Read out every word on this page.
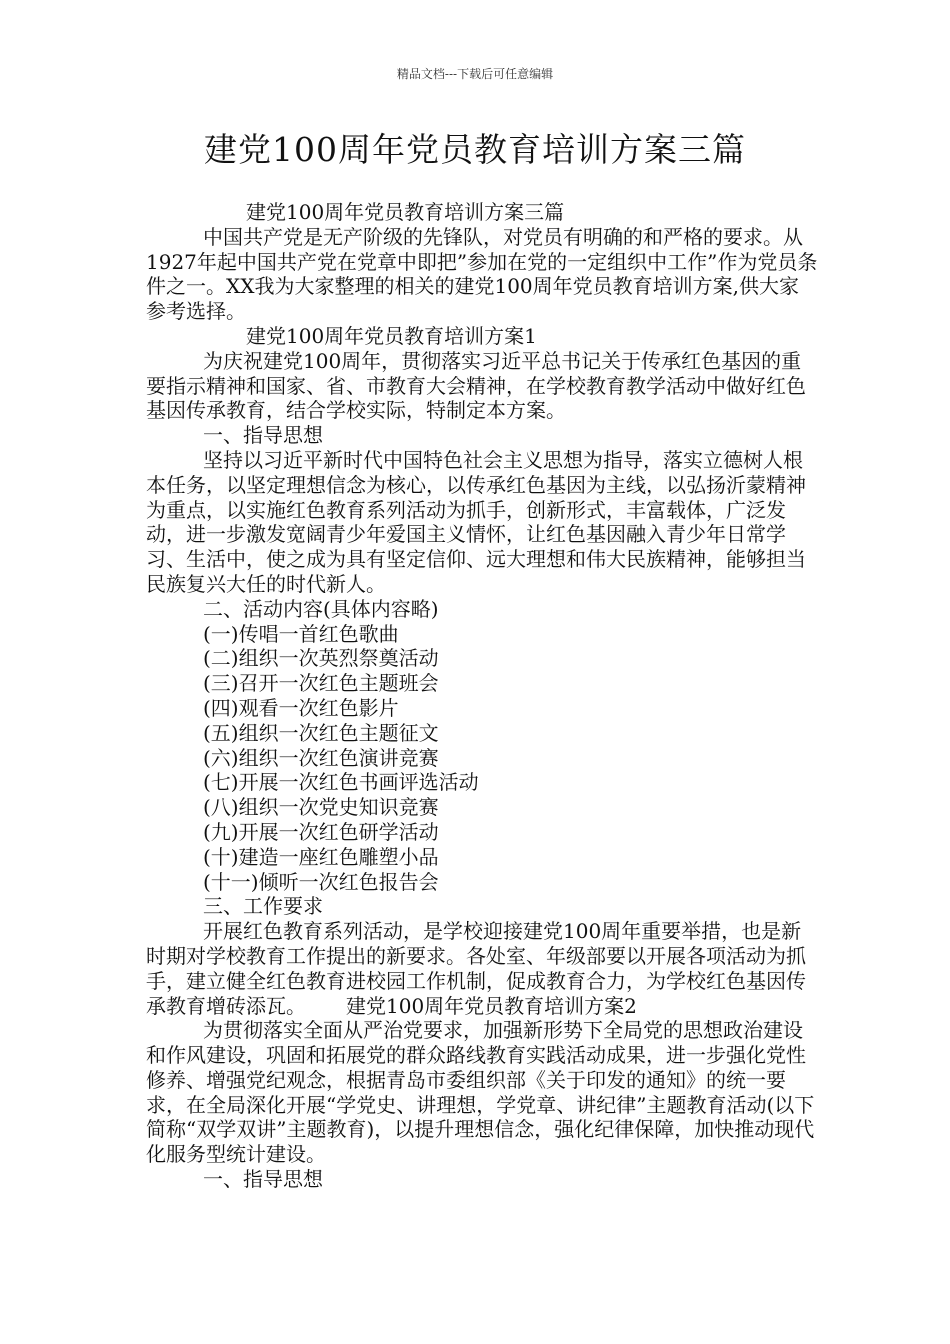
精品文档---下载后可任意编辑
建党100周年党员教育培训方案三篇

建党100周年党员教育培训方案三篇

中国共产党是无产阶级的先锋队，对党员有明确的和严格的要求。从1927年起中国共产党在党章中即把”参加在党的一定组织中工作”作为党员条件之一。XX我为大家整理的相关的建党100周年党员教育培训方案,供大家参考选择。

建党100周年党员教育培训方案1

为庆祝建党100周年，贯彻落实习近平总书记关于传承红色基因的重要指示精神和国家、省、市教育大会精神，在学校教育教学活动中做好红色基因传承教育，结合学校实际，特制定本方案。

一、指导思想

坚持以习近平新时代中国特色社会主义思想为指导，落实立德树人根本任务，以坚定理想信念为核心，以传承红色基因为主线，以弘扬沂蒙精神为重点，以实施红色教育系列活动为抓手，创新形式，丰富载体，广泛发动，进一步激发宽阔青少年爱国主义情怀，让红色基因融入青少年日常学习、生活中，使之成为具有坚定信仰、远大理想和伟大民族精神，能够担当民族复兴大任的时代新人。

二、活动内容(具体内容略)

(一)传唱一首红色歌曲

(二)组织一次英烈祭奠活动

(三)召开一次红色主题班会

(四)观看一次红色影片

(五)组织一次红色主题征文

(六)组织一次红色演讲竞赛

(七)开展一次红色书画评选活动

(八)组织一次党史知识竞赛

(九)开展一次红色研学活动

(十)建造一座红色雕塑小品

(十一)倾听一次红色报告会

三、工作要求

开展红色教育系列活动，是学校迎接建党100周年重要举措，也是新时期对学校教育工作提出的新要求。各处室、年级部要以开展各项活动为抓手，建立健全红色教育进校园工作机制，促成教育合力，为学校红色基因传承教育增砖添瓦。 建党100周年党员教育培训方案2

为贯彻落实全面从严治党要求，加强新形势下全局党的思想政治建设和作风建设，巩固和拓展党的群众路线教育实践活动成果，进一步强化党性修养、增强党纪观念，根据青岛市委组织部《关于印发的通知》的统一要求，在全局深化开展“学党史、讲理想，学党章、讲纪律”主题教育活动(以下简称“双学双讲”主题教育)，以提升理想信念，强化纪律保障，加快推动现代化服务型统计建设。

一、指导思想
